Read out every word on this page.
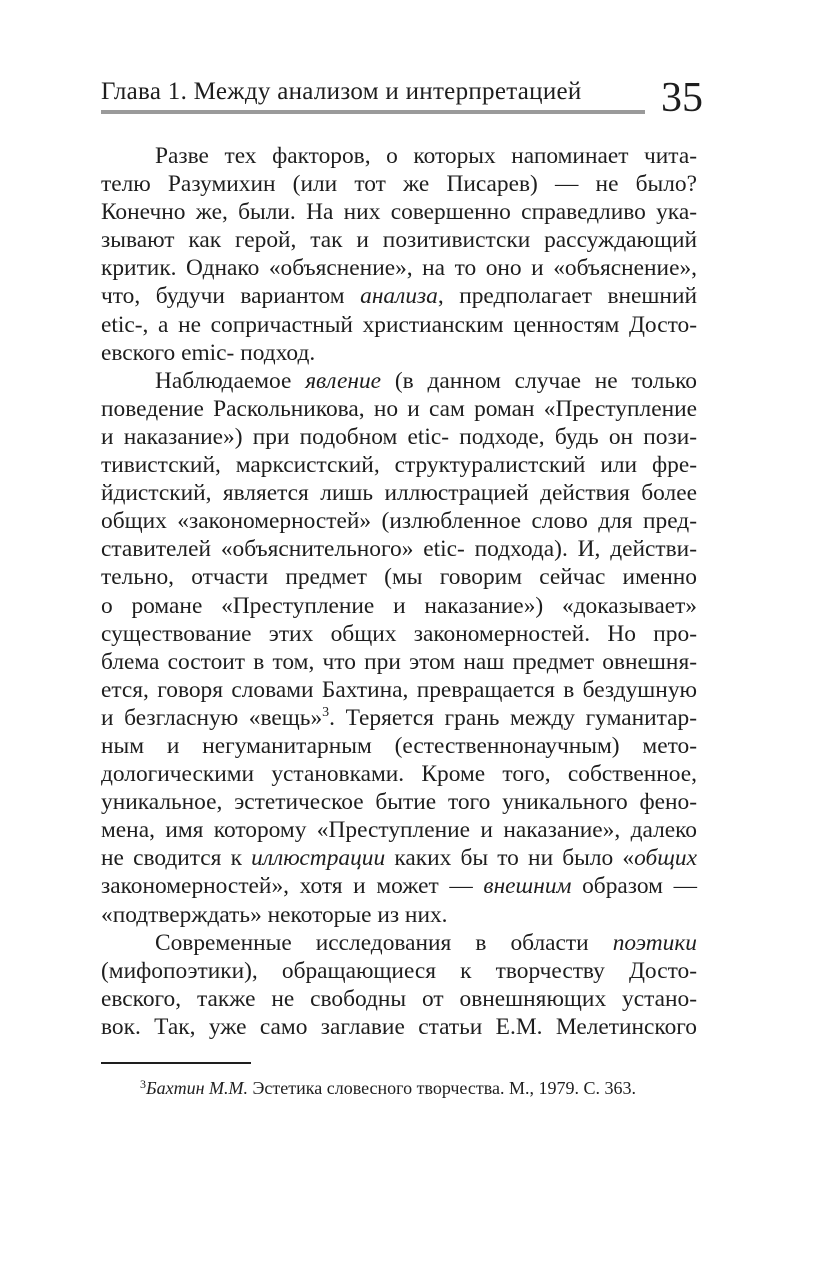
Глава 1. Между анализом и интерпретацией 35
Разве тех факторов, о которых напоминает чита-
телю Разумихин (или тот же Писарев) — не было?
Конечно же, были. На них совершенно справедливо ука-
зывают как герой, так и позитивистски рассуждающий
критик. Однако «объяснение», на то оно и «объяснение»,
что, будучи вариантом анализа, предполагает внешний
etic-, а не сопричастный христианским ценностям Досто-
евского emic- подход.
Наблюдаемое явление (в данном случае не только
поведение Раскольникова, но и сам роман «Преступление
и наказание») при подобном etic- подходе, будь он пози-
тивистский, марксистский, структуралистский или фре-
йдистский, является лишь иллюстрацией действия более
общих «закономерностей» (излюбленное слово для пред-
ставителей «объяснительного» etic- подхода). И, действи-
тельно, отчасти предмет (мы говорим сейчас именно
о романе «Преступление и наказание») «доказывает»
существование этих общих закономерностей. Но про-
блема состоит в том, что при этом наш предмет овнешня-
ется, говоря словами Бахтина, превращается в бездушную
и безгласную «вещь»$^3$. Теряется грань между гуманитар-
ным и негуманитарным (естественнонаучным) мето-
дологическими установками. Кроме того, собственное,
уникальное, эстетическое бытие того уникального фено-
мена, имя которому «Преступление и наказание», далеко
не сводится к иллюстрации каких бы то ни было «общих
закономерностей», хотя и может — внешним образом —
«подтверждать» некоторые из них.
Современные исследования в области поэтики
(мифопоэтики), обращающиеся к творчеству Досто-
евского, также не свободны от овнешняющих устано-
вок. Так, уже само заглавие статьи Е.М. Мелетинского
$^3$Бахтин М.М. Эстетика словесного творчества. М., 1979. С. 363.
